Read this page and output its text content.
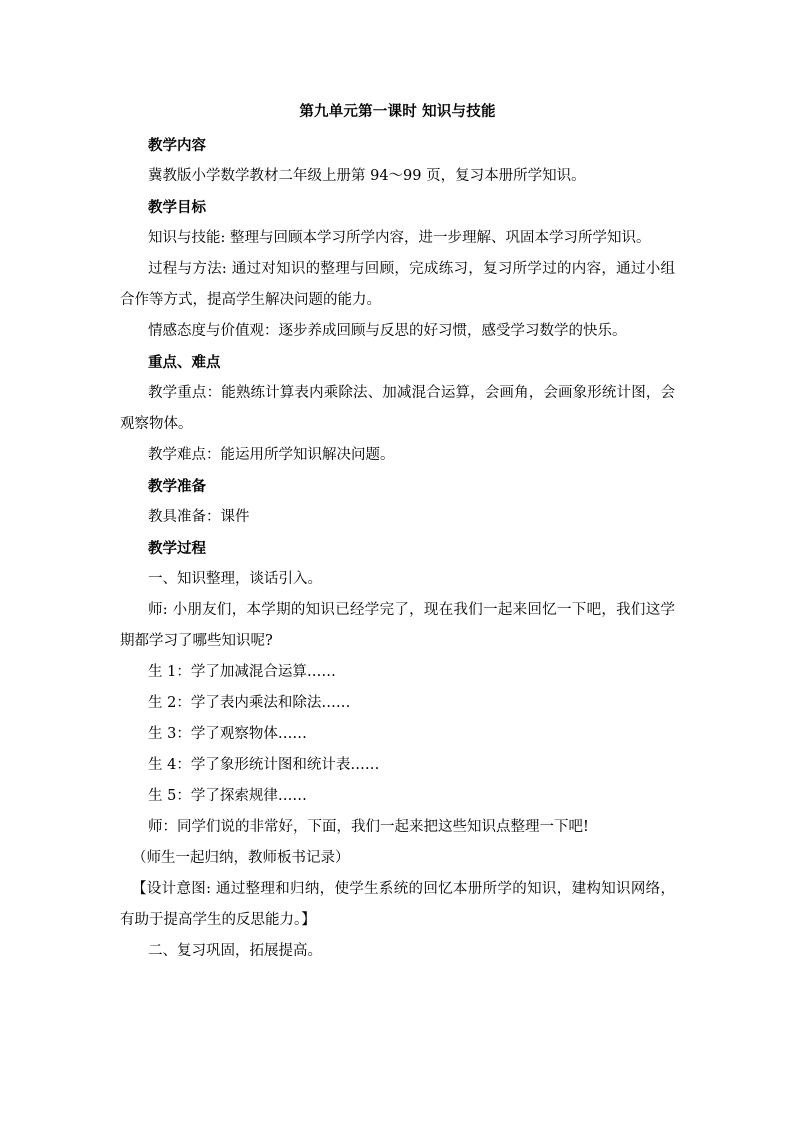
第九单元第一课时 知识与技能

教学内容

冀教版小学数学教材二年级上册第 94～99 页，复习本册所学知识。

教学目标

知识与技能: 整理与回顾本学习所学内容，进一步理解、巩固本学习所学知识。

过程与方法: 通过对知识的整理与回顾，完成练习，复习所学过的内容，通过小组合作等方式，提高学生解决问题的能力。

情感态度与价值观：逐步养成回顾与反思的好习惯，感受学习数学的快乐。

重点、难点

教学重点：能熟练计算表内乘除法、加减混合运算，会画角，会画象形统计图，会观察物体。

教学难点：能运用所学知识解决问题。

教学准备

教具准备：课件

教学过程

一、知识整理，谈话引入。

师: 小朋友们，本学期的知识已经学完了，现在我们一起来回忆一下吧，我们这学期都学习了哪些知识呢?

生 1：学了加减混合运算……

生 2：学了表内乘法和除法……

生 3：学了观察物体……

生 4：学了象形统计图和统计表……

生 5：学了探索规律……

师：同学们说的非常好，下面，我们一起来把这些知识点整理一下吧!

（师生一起归纳，教师板书记录）

【设计意图: 通过整理和归纳，使学生系统的回忆本册所学的知识，建构知识网络，有助于提高学生的反思能力。】

二、复习巩固，拓展提高。
